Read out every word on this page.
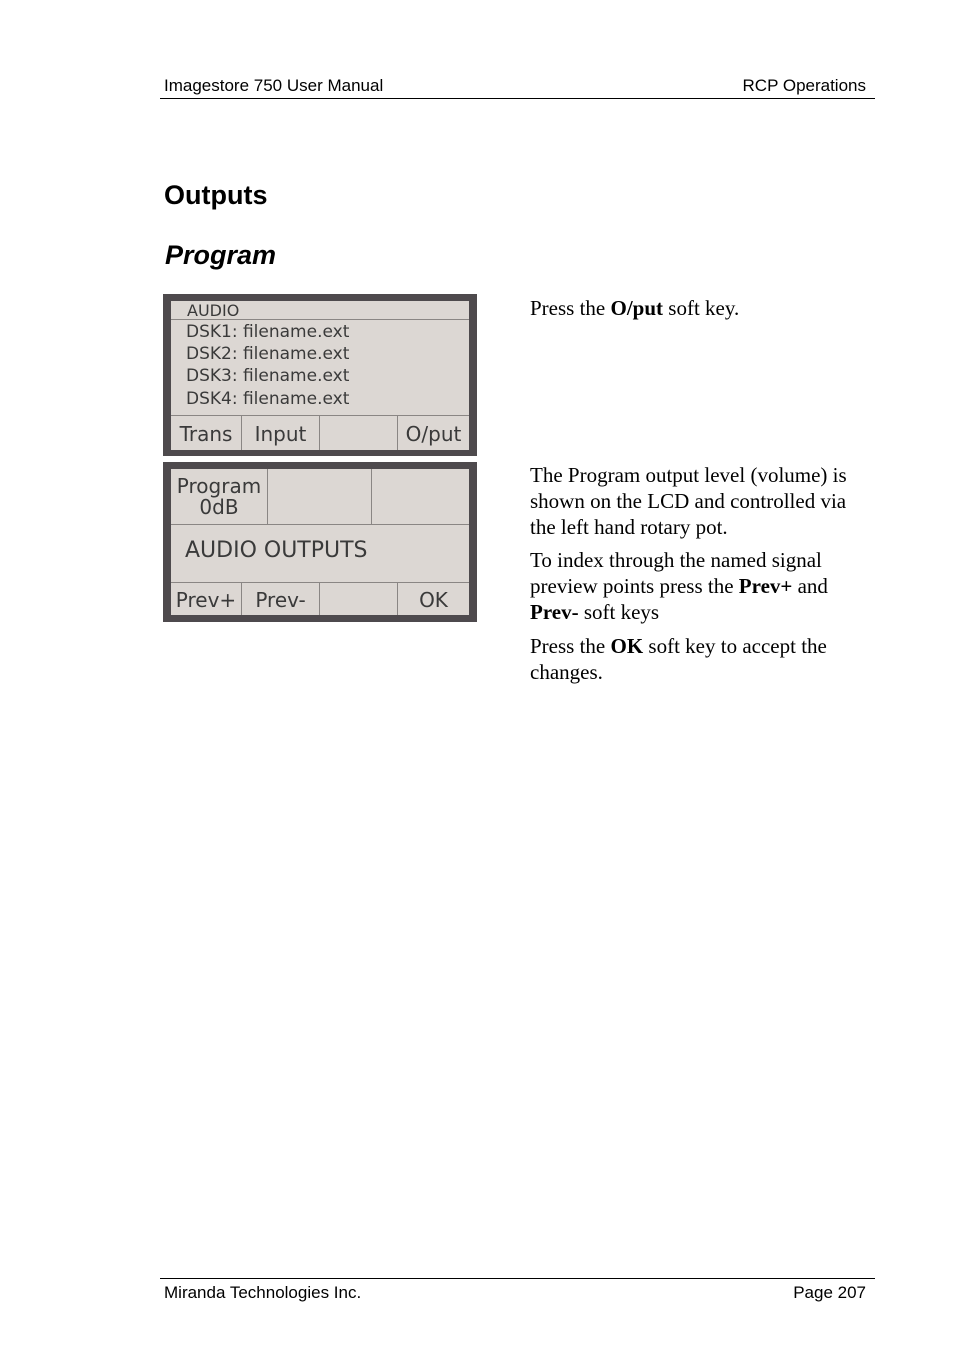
Imagestore 750 User Manual	RCP Operations
Outputs
Program
AUDIO
DSK1: filename.ext
DSK2: filename.ext
DSK3: filename.ext
DSK4: filename.ext
Trans	Input	O/put
Program
0dB
AUDIO OUTPUTS
Prev+ Prev-	OK

Press the O/put soft key.

The Program output level (volume) is shown on the LCD and controlled via the left hand rotary pot.

To index through the named signal preview points press the Prev+ and Prev- soft keys

Press the OK soft key to accept the changes.

Miranda Technologies Inc.	Page 207
